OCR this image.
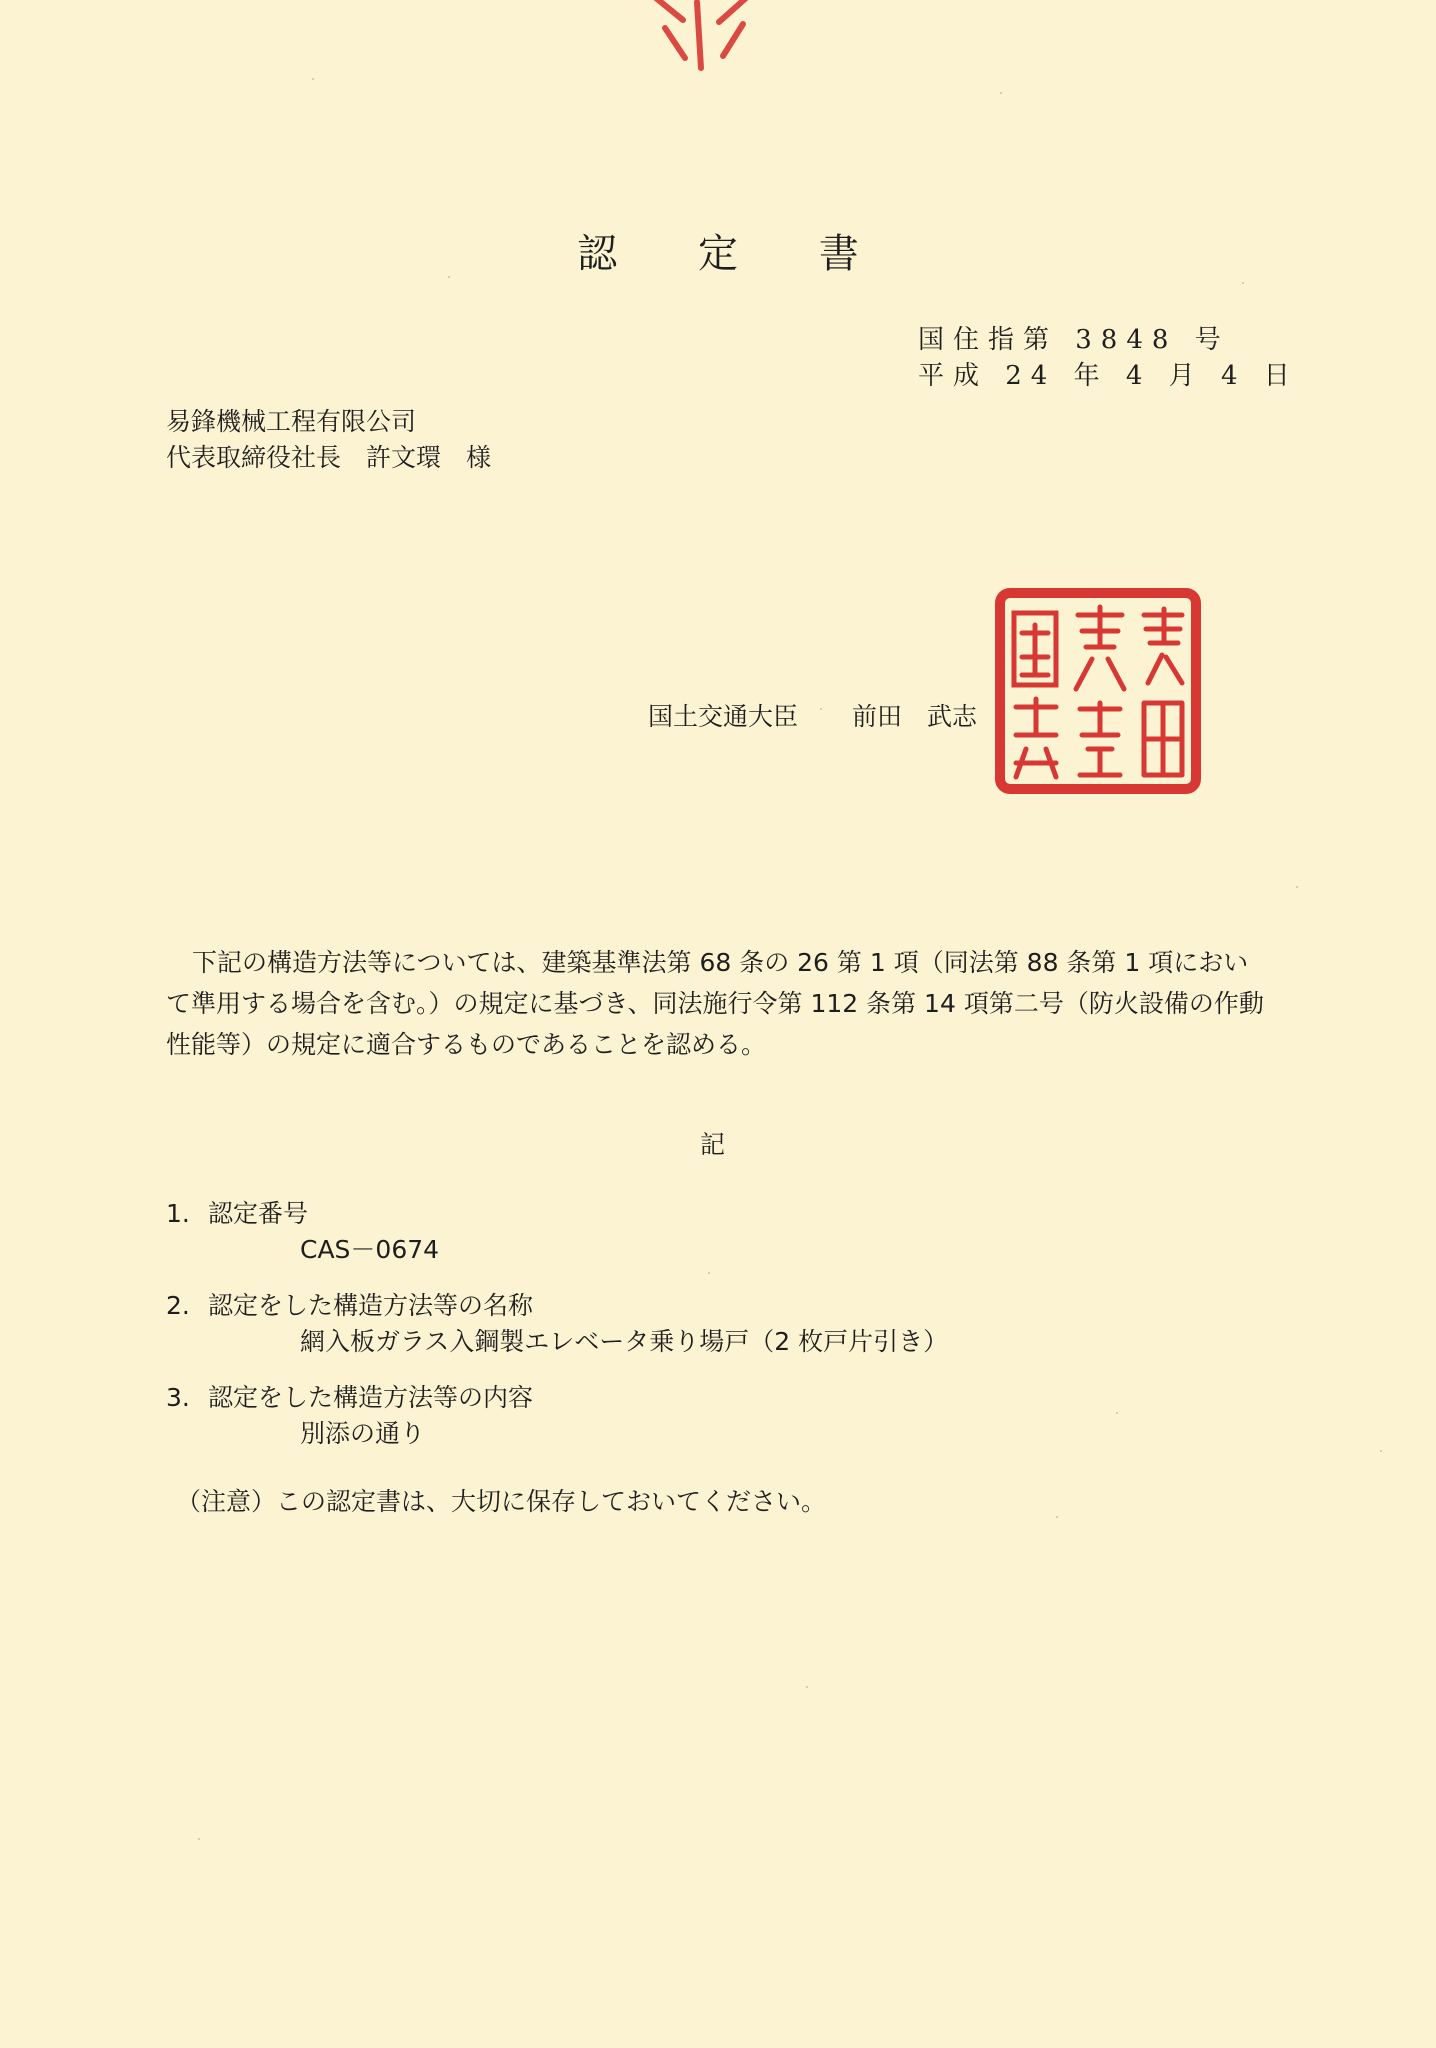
認 定 書
国住指第 3848 号
平成 24 年 4 月 4 日
易鋒機械工程有限公司
代表取締役社長　許文環　様
国土交通大臣 前田　武志
下記の構造方法等については、建築基準法第 68 条の 26 第 1 項（同法第 88 条第 1 項において準用する場合を含む。）の規定に基づき、同法施行令第 112 条第 14 項第二号（防火設備の作動性能等）の規定に適合するものであることを認める。
記
1. 認定番号
CAS－0674
2. 認定をした構造方法等の名称
網入板ガラス入鋼製エレベータ乗り場戸（2 枚戸片引き）
3. 認定をした構造方法等の内容
別添の通り
（注意）この認定書は、大切に保存しておいてください。
